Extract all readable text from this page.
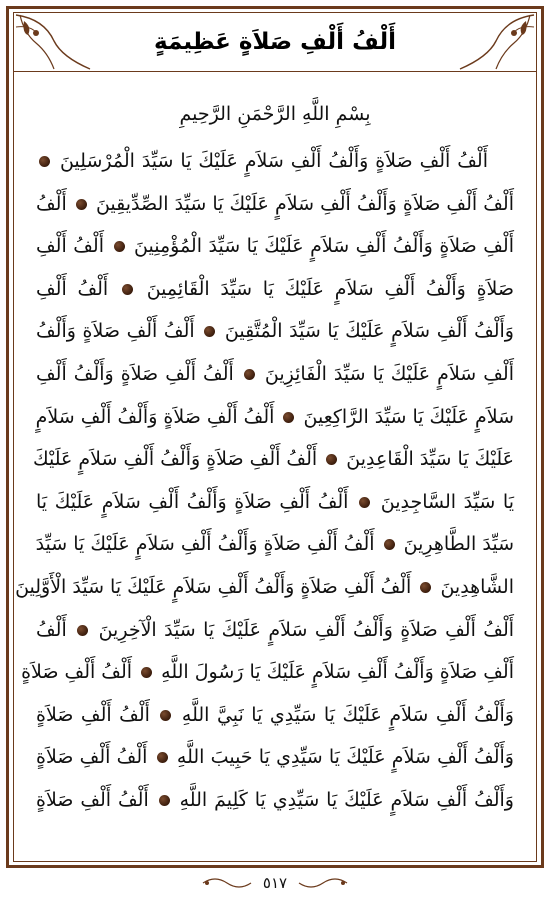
أَلْفُ أَلْفِ صَلاَةٍ عَظِيمَةٍ
بِسْمِ اللَّهِ الرَّحْمَنِ الرَّحِيمِ
أَلْفُ أَلْفِ صَلاَةٍ وَأَلْفُ أَلْفِ سَلاَمٍ عَلَيْكَ يَا سَيِّدَ الْمُرْسَلِينَ
أَلْفُ أَلْفِ صَلاَةٍ وَأَلْفُ أَلْفِ سَلاَمٍ عَلَيْكَ يَا سَيِّدَ الصِّدِّيقِينَ  أَلْفُ
أَلْفِ صَلاَةٍ وَأَلْفُ أَلْفِ سَلاَمٍ عَلَيْكَ يَا سَيِّدَ الْمُؤْمِنِينَ  أَلْفُ أَلْفِ
صَلاَةٍ وَأَلْفُ أَلْفِ سَلاَمٍ عَلَيْكَ يَا سَيِّدَ الْقَائِمِينَ  أَلْفُ أَلْفِ
وَأَلْفُ أَلْفِ سَلاَمٍ عَلَيْكَ يَا سَيِّدَ الْمُتَّقِينَ  أَلْفُ أَلْفِ صَلاَةٍ وَأَلْفُ
أَلْفِ سَلاَمٍ عَلَيْكَ يَا سَيِّدَ الْفَائِزِينَ  أَلْفُ أَلْفِ صَلاَةٍ وَأَلْفُ أَلْفِ
سَلاَمٍ عَلَيْكَ يَا سَيِّدَ الرَّاكِعِينَ  أَلْفُ أَلْفِ صَلاَةٍ وَأَلْفُ أَلْفِ سَلاَمٍ
عَلَيْكَ يَا سَيِّدَ الْقَاعِدِينَ  أَلْفُ أَلْفِ صَلاَةٍ وَأَلْفُ أَلْفِ سَلاَمٍ عَلَيْكَ
يَا سَيِّدَ السَّاجِدِينَ  أَلْفُ أَلْفِ صَلاَةٍ وَأَلْفُ أَلْفِ سَلاَمٍ عَلَيْكَ يَا
سَيِّدَ الطَّاهِرِينَ  أَلْفُ أَلْفِ صَلاَةٍ وَأَلْفُ أَلْفِ سَلاَمٍ عَلَيْكَ يَا سَيِّدَ
الشَّاهِدِينَ  أَلْفُ أَلْفِ صَلاَةٍ وَأَلْفُ أَلْفِ سَلاَمٍ عَلَيْكَ يَا سَيِّدَ الْأَوَّلِينَ
أَلْفُ أَلْفِ صَلاَةٍ وَأَلْفُ أَلْفِ سَلاَمٍ عَلَيْكَ يَا سَيِّدَ الْآخِرِينَ  أَلْفُ
أَلْفِ صَلاَةٍ وَأَلْفُ أَلْفِ سَلاَمٍ عَلَيْكَ يَا رَسُولَ اللَّهِ  أَلْفُ أَلْفِ صَلاَةٍ
وَأَلْفُ أَلْفِ سَلاَمٍ عَلَيْكَ يَا سَيِّدِي يَا نَبِيَّ اللَّهِ  أَلْفُ أَلْفِ صَلاَةٍ
وَأَلْفُ أَلْفِ سَلاَمٍ عَلَيْكَ يَا سَيِّدِي يَا حَبِيبَ اللَّهِ  أَلْفُ أَلْفِ صَلاَةٍ
وَأَلْفُ أَلْفِ سَلاَمٍ عَلَيْكَ يَا سَيِّدِي يَا كَلِيمَ اللَّهِ  أَلْفُ أَلْفِ صَلاَةٍ
٥١٧
